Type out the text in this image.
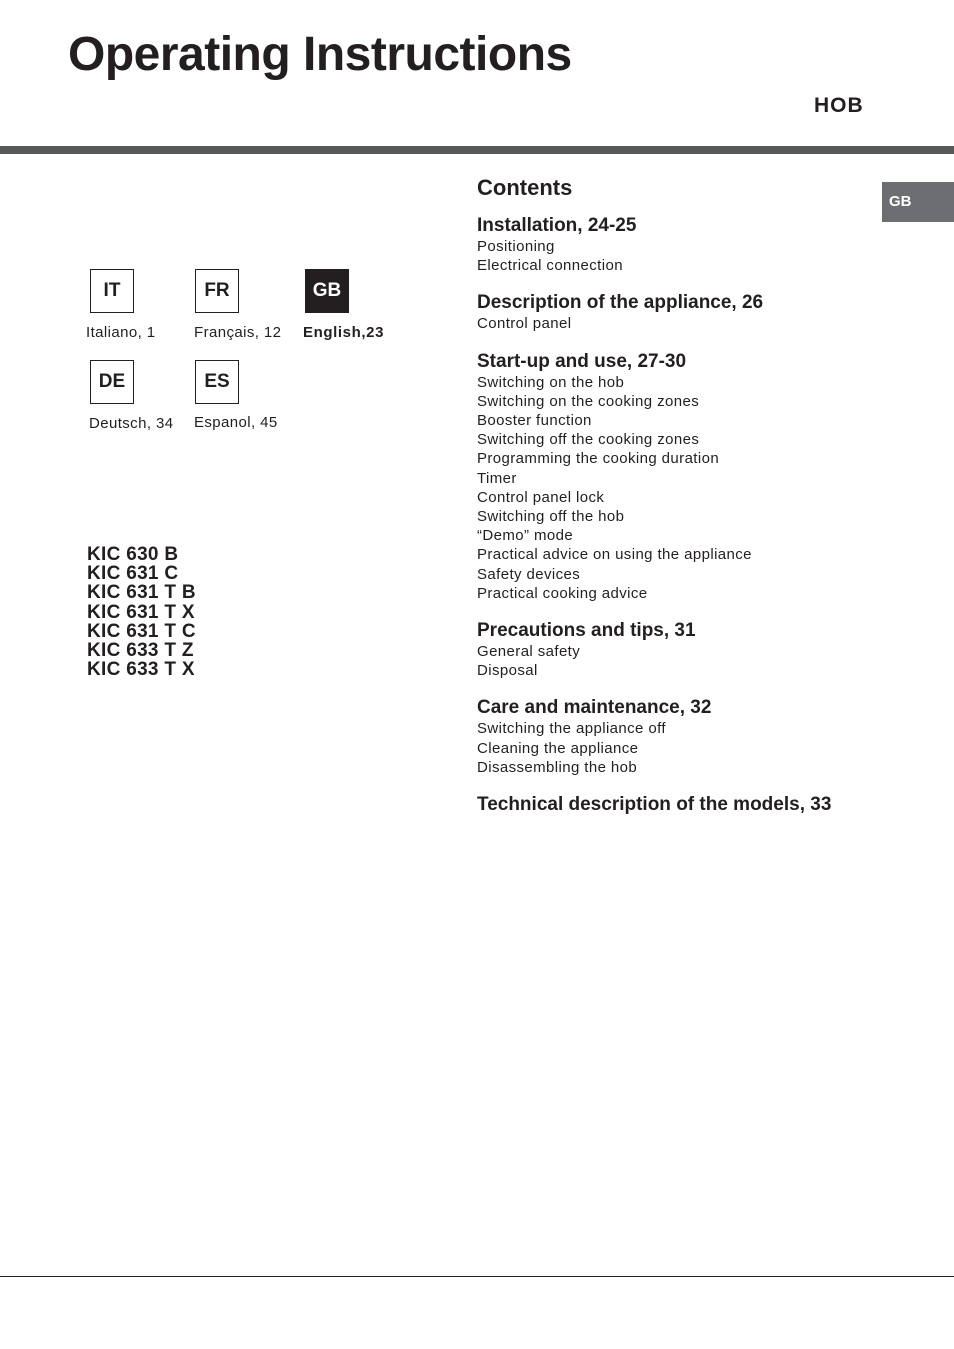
Operating Instructions
HOB
GB
IT
Italiano, 1
FR
Français, 12
GB
English,23
DE
Deutsch, 34
ES
Espanol, 45
KIC 630 B
KIC 631 C
KIC 631 T B
KIC 631 T X
KIC 631 T C
KIC 633 T Z
KIC 633 T X
Contents
Installation, 24-25
Positioning
Electrical connection
Description of the appliance, 26
Control panel
Start-up and use, 27-30
Switching on the hob
Switching on the cooking zones
Booster function
Switching off the cooking zones
Programming the cooking duration
Timer
Control panel lock
Switching off the hob
“Demo” mode
Practical advice on using the appliance
Safety devices
Practical cooking advice
Precautions and tips, 31
General safety
Disposal
Care and maintenance, 32
Switching the appliance off
Cleaning the appliance
Disassembling the hob
Technical description of the models, 33
